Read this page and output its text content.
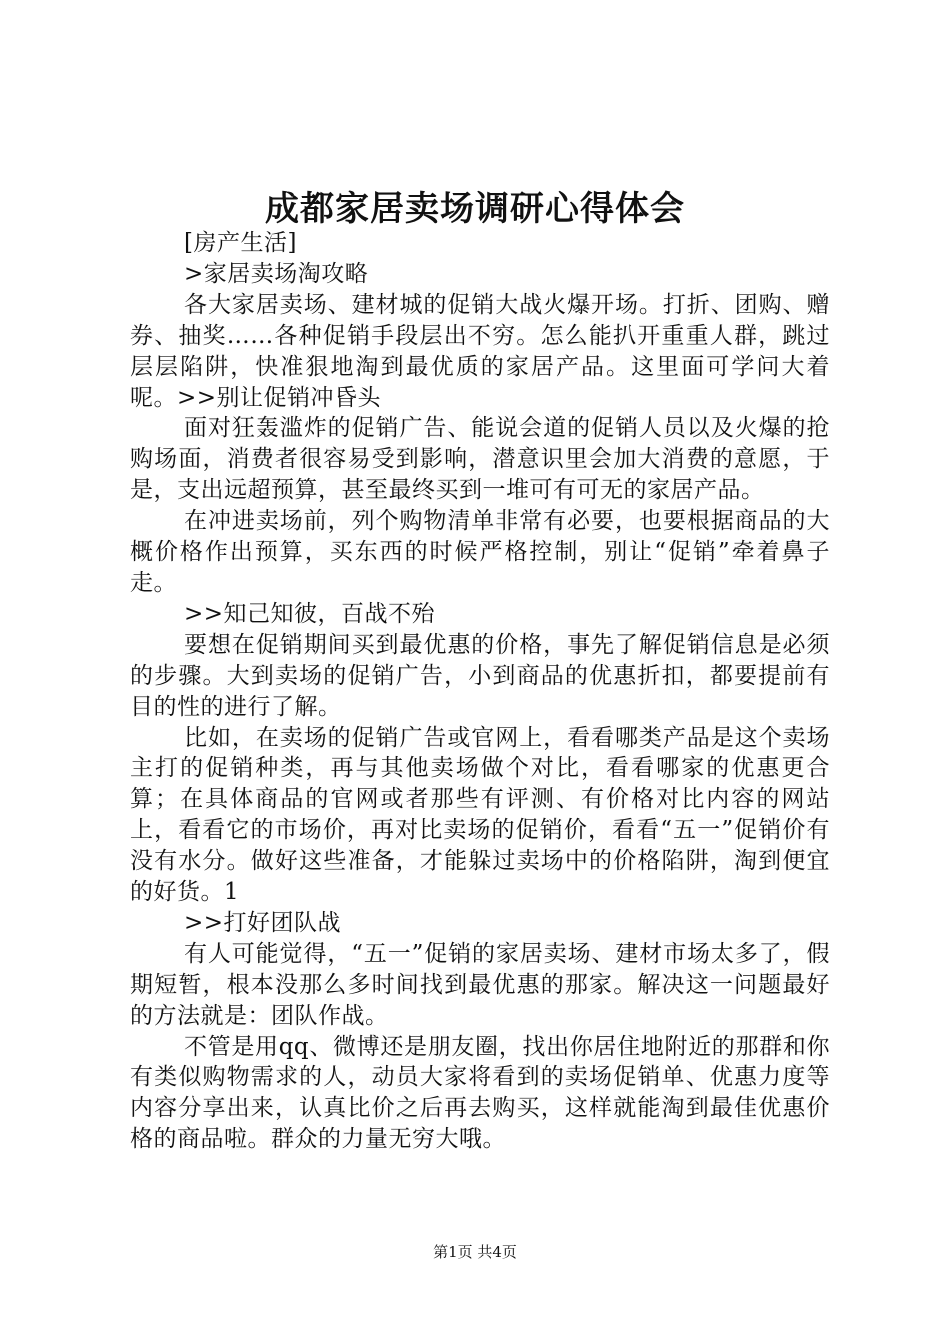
成都家居卖场调研心得体会

[房产生活]

>家居卖场淘攻略

各大家居卖场、建材城的促销大战火爆开场。打折、团购、赠券、抽奖……各种促销手段层出不穷。怎么能扒开重重人群，跳过层层陷阱，快准狠地淘到最优质的家居产品。这里面可学问大着呢。>>别让促销冲昏头

面对狂轰滥炸的促销广告、能说会道的促销人员以及火爆的抢购场面，消费者很容易受到影响，潜意识里会加大消费的意愿，于是，支出远超预算，甚至最终买到一堆可有可无的家居产品。

在冲进卖场前，列个购物清单非常有必要，也要根据商品的大概价格作出预算，买东西的时候严格控制，别让“促销”牵着鼻子走。

>>知己知彼，百战不殆

要想在促销期间买到最优惠的价格，事先了解促销信息是必须的步骤。大到卖场的促销广告，小到商品的优惠折扣，都要提前有目的性的进行了解。

比如，在卖场的促销广告或官网上，看看哪类产品是这个卖场主打的促销种类，再与其他卖场做个对比，看看哪家的优惠更合算；在具体商品的官网或者那些有评测、有价格对比内容的网站上，看看它的市场价，再对比卖场的促销价，看看“五一”促销价有没有水分。做好这些准备，才能躲过卖场中的价格陷阱，淘到便宜的好货。1

>>打好团队战

有人可能觉得，“五一”促销的家居卖场、建材市场太多了，假期短暂，根本没那么多时间找到最优惠的那家。解决这一问题最好的方法就是：团队作战。

不管是用qq、微博还是朋友圈，找出你居住地附近的那群和你有类似购物需求的人，动员大家将看到的卖场促销单、优惠力度等内容分享出来，认真比价之后再去购买，这样就能淘到最佳优惠价格的商品啦。群众的力量无穷大哦。

第1页 共4页
